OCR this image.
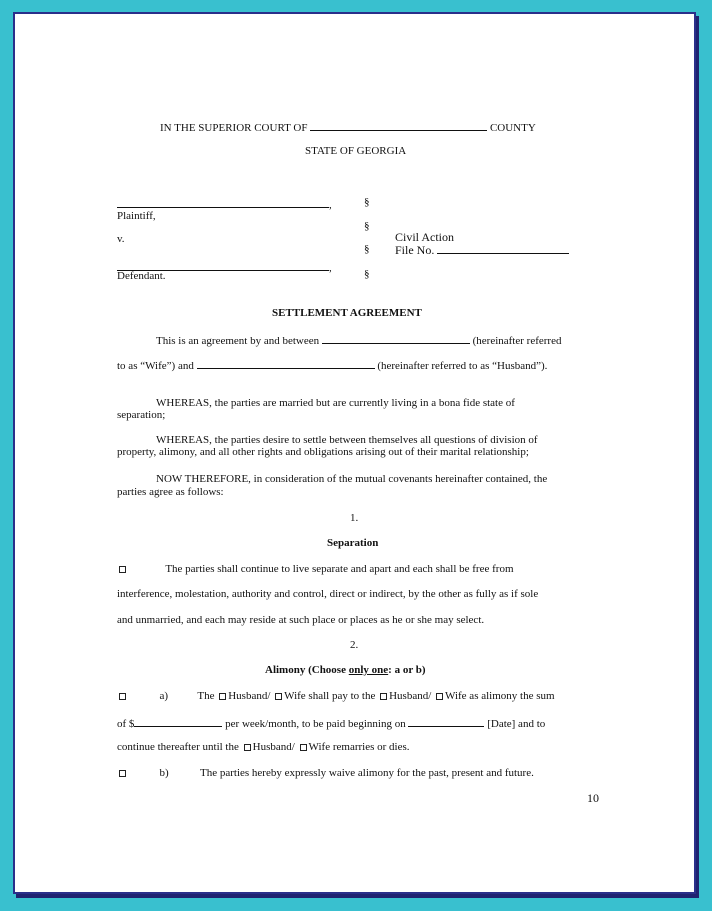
IN THE SUPERIOR COURT OF	COUNTY
STATE OF GEORGIA
,
Plaintiff,
v.
,
Defendant.
§
§
§
§
Civil Action
File No.
SETTLEMENT AGREEMENT
This is an agreement by and between	(hereinafter referred
to as “Wife”) and	(hereinafter referred to as “Husband”).
WHEREAS, the parties are married but are currently living in a bona fide state of
separation;
WHEREAS, the parties desire to settle between themselves all questions of division of
property, alimony, and all other rights and obligations arising out of their marital relationship;
NOW THEREFORE, in consideration of the mutual covenants hereinafter contained, the
parties agree as follows:
1.
Separation
The parties shall continue to live separate and apart and each shall be free from
interference, molestation, authority and control, direct or indirect, by the other as fully as if sole
and unmarried, and each may reside at such place or places as he or she may select.
2.
Alimony (Choose only one: a or b)
a)	The Husband/ Wife shall pay to the Husband/ Wife as alimony the sum
of $	per week/month, to be paid beginning on	[Date] and to
continue thereafter until the Husband/ Wife remarries or dies.
b)	The parties hereby expressly waive alimony for the past, present and future.
10
